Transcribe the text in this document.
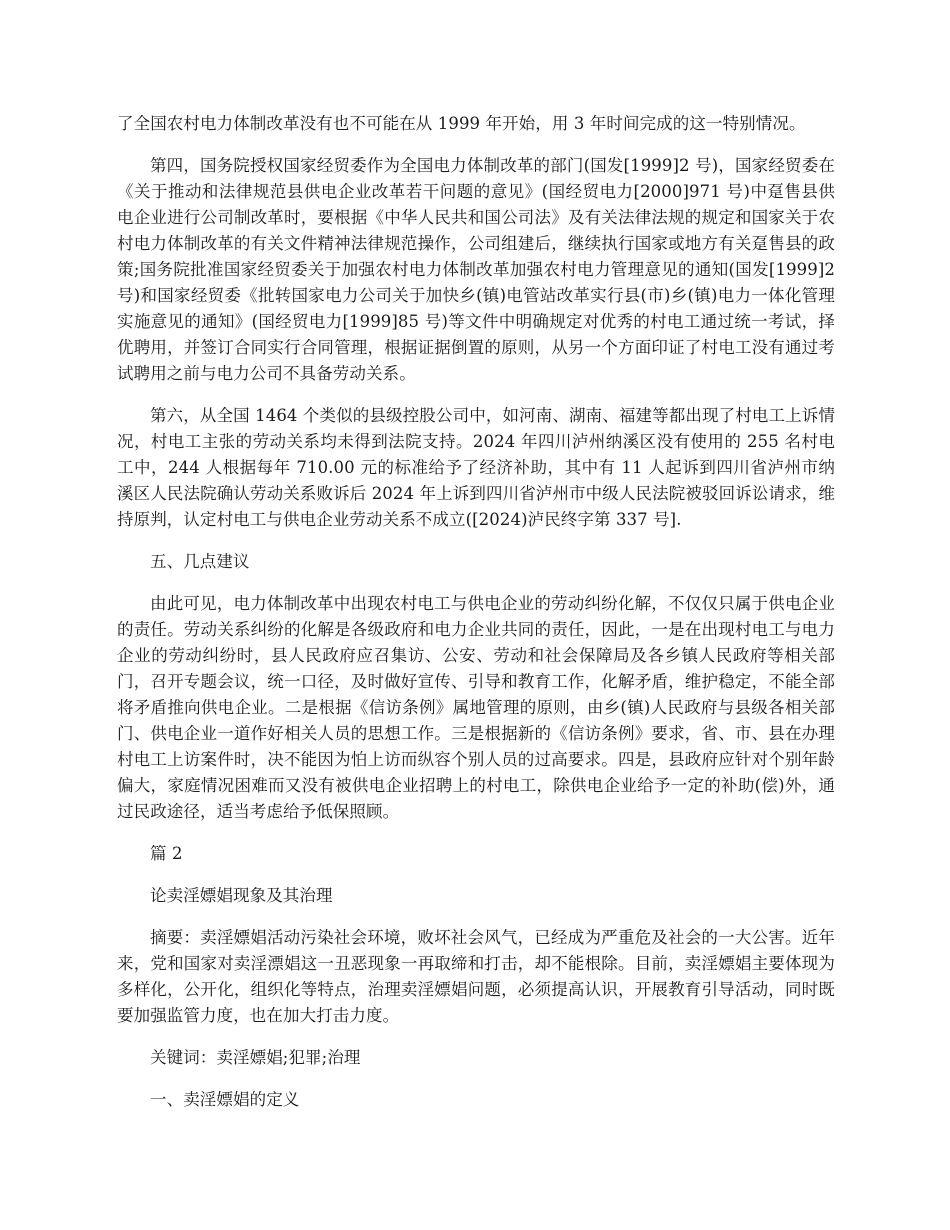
了全国农村电力体制改革没有也不可能在从 1999 年开始，用 3 年时间完成的这一特别情况。

第四，国务院授权国家经贸委作为全国电力体制改革的部门(国发[1999]2 号)，国家经贸委在《关于推动和法律规范县供电企业改革若干问题的意见》(国经贸电力[2000]971 号)中趸售县供电企业进行公司制改革时，要根据《中华人民共和国公司法》及有关法律法规的规定和国家关于农村电力体制改革的有关文件精神法律规范操作，公司组建后，继续执行国家或地方有关趸售县的政策;国务院批准国家经贸委关于加强农村电力体制改革加强农村电力管理意见的通知(国发[1999]2 号)和国家经贸委《批转国家电力公司关于加快乡(镇)电管站改革实行县(市)乡(镇)电力一体化管理实施意见的通知》(国经贸电力[1999]85 号)等文件中明确规定对优秀的村电工通过统一考试，择优聘用，并签订合同实行合同管理，根据证据倒置的原则，从另一个方面印证了村电工没有通过考试聘用之前与电力公司不具备劳动关系。

第六，从全国 1464 个类似的县级控股公司中，如河南、湖南、福建等都出现了村电工上诉情况，村电工主张的劳动关系均未得到法院支持。2024 年四川泸州纳溪区没有使用的 255 名村电工中，244 人根据每年 710.00 元的标准给予了经济补助，其中有 11 人起诉到四川省泸州市纳溪区人民法院确认劳动关系败诉后 2024 年上诉到四川省泸州市中级人民法院被驳回诉讼请求，维持原判，认定村电工与供电企业劳动关系不成立([2024)泸民终字第 337 号].

五、几点建议

由此可见，电力体制改革中出现农村电工与供电企业的劳动纠纷化解，不仅仅只属于供电企业的责任。劳动关系纠纷的化解是各级政府和电力企业共同的责任，因此，一是在出现村电工与电力企业的劳动纠纷时，县人民政府应召集访、公安、劳动和社会保障局及各乡镇人民政府等相关部门，召开专题会议，统一口径，及时做好宣传、引导和教育工作，化解矛盾，维护稳定，不能全部将矛盾推向供电企业。二是根据《信访条例》属地管理的原则，由乡(镇)人民政府与县级各相关部门、供电企业一道作好相关人员的思想工作。三是根据新的《信访条例》要求，省、市、县在办理村电工上访案件时，决不能因为怕上访而纵容个别人员的过高要求。四是，县政府应针对个别年龄偏大，家庭情况困难而又没有被供电企业招聘上的村电工，除供电企业给予一定的补助(偿)外，通过民政途径，适当考虑给予低保照顾。

篇 2

论卖淫嫖娼现象及其治理

摘要：卖淫嫖娼活动污染社会环境，败坏社会风气，已经成为严重危及社会的一大公害。近年来，党和国家对卖淫漂娼这一丑恶现象一再取缔和打击，却不能根除。目前，卖淫嫖娼主要体现为多样化，公开化，组织化等特点，治理卖淫嫖娼问题，必须提高认识，开展教育引导活动，同时既要加强监管力度，也在加大打击力度。

关键词：卖淫嫖娼;犯罪;治理

一、卖淫嫖娼的定义
